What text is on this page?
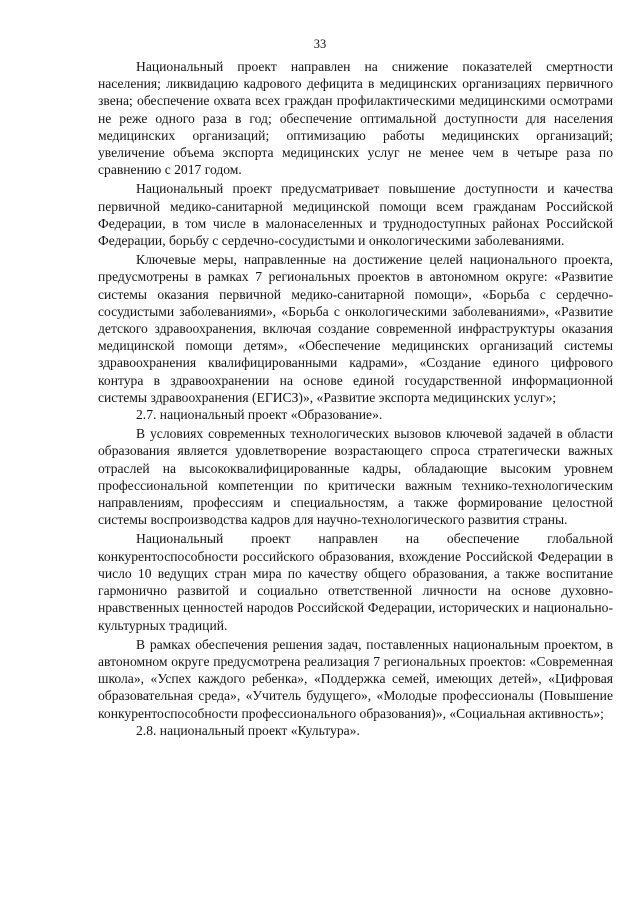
33

Национальный проект направлен на снижение показателей смертности населения; ликвидацию кадрового дефицита в медицинских организациях первичного звена; обеспечение охвата всех граждан профилактическими медицинскими осмотрами не реже одного раза в год; обеспечение оптимальной доступности для населения медицинских организаций; оптимизацию работы медицинских организаций; увеличение объема экспорта медицинских услуг не менее чем в четыре раза по сравнению с 2017 годом.

Национальный проект предусматривает повышение доступности и качества первичной медико-санитарной медицинской помощи всем гражданам Российской Федерации, в том числе в малонаселенных и труднодоступных районах Российской Федерации, борьбу с сердечно-сосудистыми и онкологическими заболеваниями.

Ключевые меры, направленные на достижение целей национального проекта, предусмотрены в рамках 7 региональных проектов в автономном округе: «Развитие системы оказания первичной медико-санитарной помощи», «Борьба с сердечно-сосудистыми заболеваниями», «Борьба с онкологическими заболеваниями», «Развитие детского здравоохранения, включая создание современной инфраструктуры оказания медицинской помощи детям», «Обеспечение медицинских организаций системы здравоохранения квалифицированными кадрами», «Создание единого цифрового контура в здравоохранении на основе единой государственной информационной системы здравоохранения (ЕГИСЗ)», «Развитие экспорта медицинских услуг»;

2.7. национальный проект «Образование».

В условиях современных технологических вызовов ключевой задачей в области образования является удовлетворение возрастающего спроса стратегически важных отраслей на высококвалифицированные кадры, обладающие высоким уровнем профессиональной компетенции по критически важным технико-технологическим направлениям, профессиям и специальностям, а также формирование целостной системы воспроизводства кадров для научно-технологического развития страны.

Национальный проект направлен на обеспечение глобальной конкурентоспособности российского образования, вхождение Российской Федерации в число 10 ведущих стран мира по качеству общего образования, а также воспитание гармонично развитой и социально ответственной личности на основе духовно-нравственных ценностей народов Российской Федерации, исторических и национально-культурных традиций.

В рамках обеспечения решения задач, поставленных национальным проектом, в автономном округе предусмотрена реализация 7 региональных проектов: «Современная школа», «Успех каждого ребенка», «Поддержка семей, имеющих детей», «Цифровая образовательная среда», «Учитель будущего», «Молодые профессионалы (Повышение конкурентоспособности профессионального образования)», «Социальная активность»;

2.8. национальный проект «Культура».
